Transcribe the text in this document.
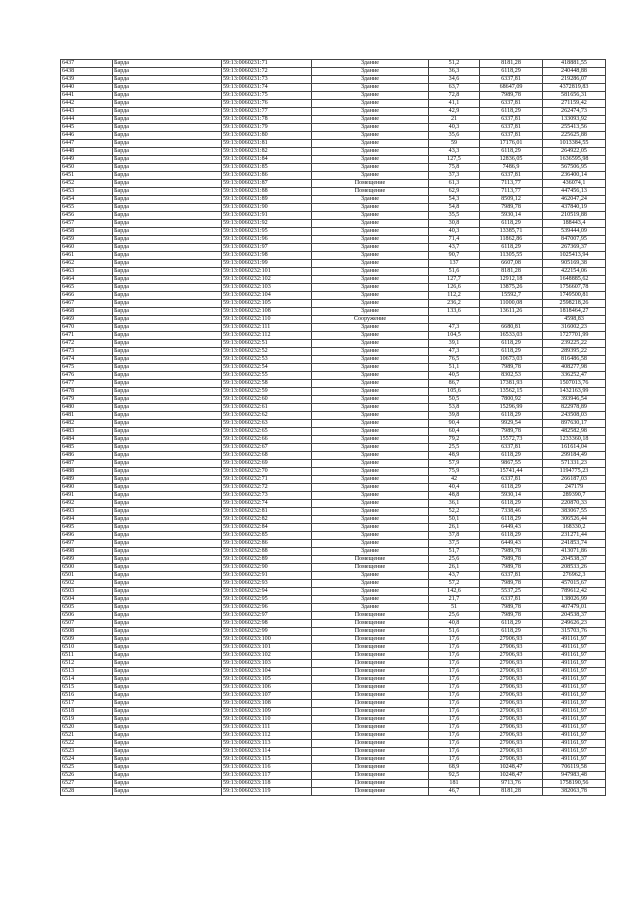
6437	Барда	59:13:0060231:71	Здание	51,2	8181,28	418881,55
6438	Барда	59:13:0060231:72	Здание	36,3	6118,29	240448,88
6439	Барда	59:13:0060231:73	Здание	34,6	6337,81	219286,07
6440	Барда	59:13:0060231:74	Здание	63,7	68647,09	4372819,83
6441	Барда	59:13:0060231:75	Здание	72,8	7989,78	581656,31
6442	Барда	59:13:0060231:76	Здание	41,1	6337,81	271159,42
6443	Барда	59:13:0060231:77	Здание	42,9	6118,29	262474,73
6444	Барда	59:13:0060231:78	Здание	21	6337,81	133093,92
6445	Барда	59:13:0060231:79	Здание	40,3	6337,81	255413,56
6446	Барда	59:13:0060231:80	Здание	35,6	6337,81	225625,88
6447	Барда	59:13:0060231:81	Здание	59	17176,01	1013384,55
6448	Барда	59:13:0060231:82	Здание	43,3	6118,29	264922,05
6449	Барда	59:13:0060231:84	Здание	127,5	12836,05	1636595,98
6450	Барда	59:13:0060231:85	Здание	75,8	7486,9	567506,95
6451	Барда	59:13:0060231:86	Здание	37,3	6337,81	236400,14
6452	Барда	59:13:0060231:87	Помещение	61,3	7113,77	436074,1
6453	Барда	59:13:0060231:88	Помещение	62,9	7113,77	447456,13
6454	Барда	59:13:0060231:89	Здание	54,3	8509,12	462047,24
6455	Барда	59:13:0060231:90	Здание	54,8	7989,78	437840,19
6456	Барда	59:13:0060231:91	Здание	35,5	5930,14	210519,88
6457	Барда	59:13:0060231:92	Здание	30,8	6118,29	188443,4
6458	Барда	59:13:0060231:95	Здание	40,3	13385,71	539444,09
6459	Барда	59:13:0060231:96	Здание	71,4	11862,86	847007,95
6460	Барда	59:13:0060231:97	Здание	43,7	6118,29	267369,37
6461	Барда	59:13:0060231:98	Здание	90,7	11305,55	1025413,94
6462	Барда	59:13:0060231:99	Здание	137	6607,08	905169,38
6463	Барда	59:13:0060232:101	Здание	51,6	8181,28	422154,06
6464	Барда	59:13:0060232:102	Здание	127,7	12912,18	1648885,62
6465	Барда	59:13:0060232:103	Здание	126,6	13875,26	1756607,78
6466	Барда	59:13:0060232:104	Здание	112,2	15592,7	1749500,81
6467	Барда	59:13:0060232:105	Здание	236,2	11000,08	2598218,26
6468	Барда	59:13:0060232:108	Здание	133,6	13611,26	1818464,27
6469	Барда	59:13:0060232:110	Сооружение			4598,83
6470	Барда	59:13:0060232:111	Здание	47,3	6680,81	316002,23
6471	Барда	59:13:0060232:112	Здание	104,5	16533,03	1727701,99
6472	Барда	59:13:0060232:51	Здание	39,1	6118,29	239225,22
6473	Барда	59:13:0060232:52	Здание	47,3	6118,29	289395,22
6474	Барда	59:13:0060232:53	Здание	76,5	10673,03	816486,58
6475	Барда	59:13:0060232:54	Здание	51,1	7989,78	408277,98
6476	Барда	59:13:0060232:55	Здание	40,5	8302,53	336252,47
6477	Барда	59:13:0060232:58	Здание	86,7	17381,93	1507013,76
6478	Барда	59:13:0060232:59	Здание	105,6	13562,15	1432163,99
6479	Барда	59:13:0060232:60	Здание	50,5	7800,92	393946,54
6480	Барда	59:13:0060232:61	Здание	53,8	15296,99	822978,89
6481	Барда	59:13:0060232:62	Здание	39,8	6118,29	243508,03
6482	Барда	59:13:0060232:63	Здание	90,4	9929,54	897630,17
6483	Барда	59:13:0060232:65	Здание	60,4	7989,78	482582,98
6484	Барда	59:13:0060232:66	Здание	79,2	15572,73	1233360,18
6485	Барда	59:13:0060232:67	Здание	25,5	6337,81	161614,04
6486	Барда	59:13:0060232:68	Здание	48,9	6118,29	299184,49
6487	Барда	59:13:0060232:69	Здание	57,9	9867,55	571331,23
6488	Барда	59:13:0060232:70	Здание	75,9	15741,44	1194775,23
6489	Барда	59:13:0060232:71	Здание	42	6337,81	266187,03
6490	Барда	59:13:0060232:72	Здание	40,4	6118,29	247179
6491	Барда	59:13:0060232:73	Здание	48,8	5930,14	289390,7
6492	Барда	59:13:0060232:74	Здание	36,1	6118,29	220870,33
6493	Барда	59:13:0060232:81	Здание	52,2	7338,46	383067,55
6494	Барда	59:13:0060232:82	Здание	50,1	6118,29	306526,44
6495	Барда	59:13:0060232:84	Здание	26,1	6449,43	168330,2
6496	Барда	59:13:0060232:85	Здание	37,8	6118,29	231271,44
6497	Барда	59:13:0060232:86	Здание	37,5	6449,43	241853,74
6498	Барда	59:13:0060232:88	Здание	51,7	7989,78	413071,86
6499	Барда	59:13:0060232:89	Помещение	25,6	7989,78	204538,37
6500	Барда	59:13:0060232:90	Помещение	26,1	7989,78	208533,26
6501	Барда	59:13:0060232:91	Здание	43,7	6337,81	276962,3
6502	Барда	59:13:0060232:93	Здание	57,2	7989,78	457015,67
6503	Барда	59:13:0060232:94	Здание	142,6	5537,25	789612,42
6504	Барда	59:13:0060232:95	Здание	21,7	6337,81	138026,99
6505	Барда	59:13:0060232:96	Здание	51	7989,78	407479,01
6506	Барда	59:13:0060232:97	Помещение	25,6	7989,78	204538,37
6507	Барда	59:13:0060232:98	Помещение	40,8	6118,29	249626,23
6508	Барда	59:13:0060232:99	Помещение	51,6	6118,29	315703,76
6509	Барда	59:13:0060233:100	Помещение	17,6	27906,93	491161,97
6510	Барда	59:13:0060233:101	Помещение	17,6	27906,93	491161,97
6511	Барда	59:13:0060233:102	Помещение	17,6	27906,93	491161,97
6512	Барда	59:13:0060233:103	Помещение	17,6	27906,93	491161,97
6513	Барда	59:13:0060233:104	Помещение	17,6	27906,93	491161,97
6514	Барда	59:13:0060233:105	Помещение	17,6	27906,93	491161,97
6515	Барда	59:13:0060233:106	Помещение	17,6	27906,93	491161,97
6516	Барда	59:13:0060233:107	Помещение	17,6	27906,93	491161,97
6517	Барда	59:13:0060233:108	Помещение	17,6	27906,93	491161,97
6518	Барда	59:13:0060233:109	Помещение	17,6	27906,93	491161,97
6519	Барда	59:13:0060233:110	Помещение	17,6	27906,93	491161,97
6520	Барда	59:13:0060233:111	Помещение	17,6	27906,93	491161,97
6521	Барда	59:13:0060233:112	Помещение	17,6	27906,93	491161,97
6522	Барда	59:13:0060233:113	Помещение	17,6	27906,93	491161,97
6523	Барда	59:13:0060233:114	Помещение	17,6	27906,93	491161,97
6524	Барда	59:13:0060233:115	Помещение	17,6	27906,93	491161,97
6525	Барда	59:13:0060233:116	Помещение	68,9	10248,47	706119,58
6526	Барда	59:13:0060233:117	Помещение	92,5	10248,47	947983,48
6527	Барда	59:13:0060233:118	Помещение	181	9713,76	1758190,56
6528	Барда	59:13:0060233:119	Помещение	46,7	8181,28	382063,78
